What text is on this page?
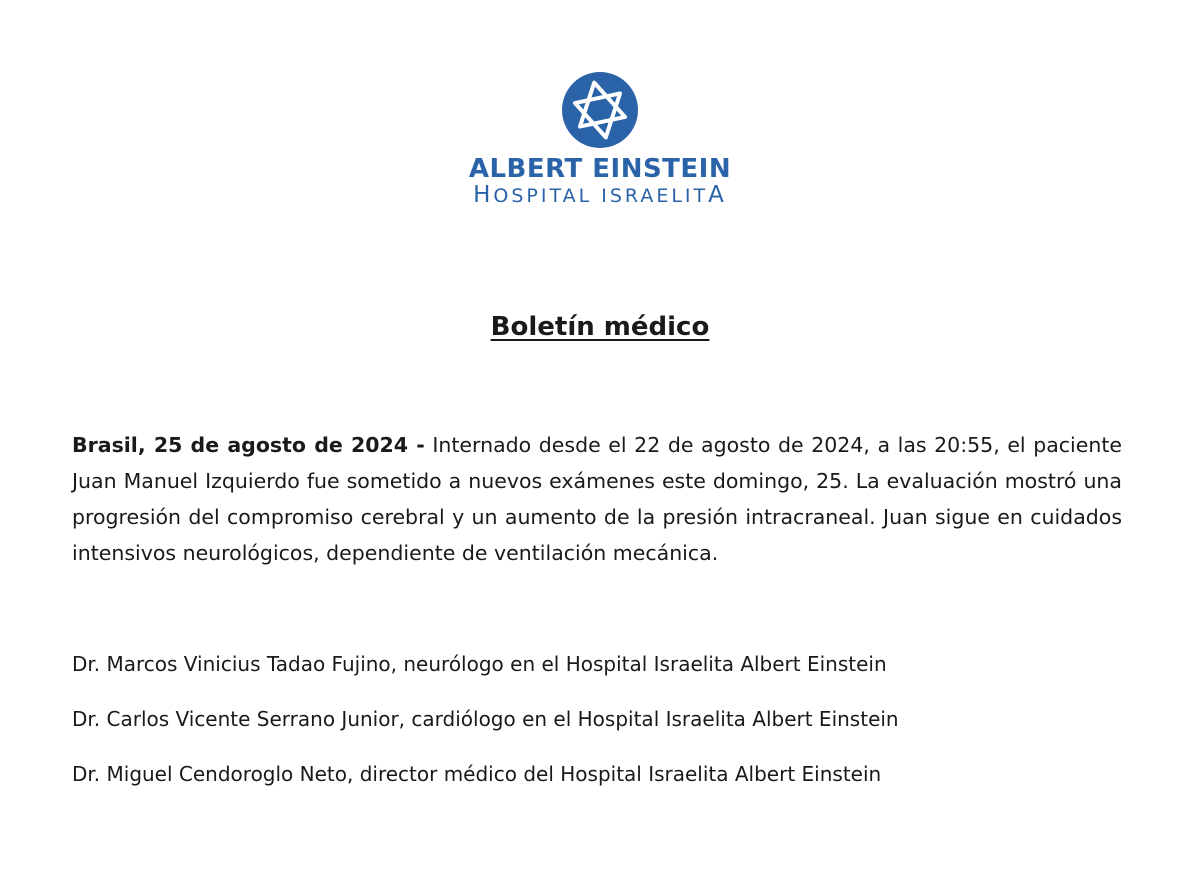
ALBERT EINSTEIN
HOSPITAL ISRAELITA
Boletín médico

Brasil, 25 de agosto de 2024 - Internado desde el 22 de agosto de 2024, a las 20:55, el paciente Juan Manuel Izquierdo fue sometido a nuevos exámenes este domingo, 25. La evaluación mostró una progresión del compromiso cerebral y un aumento de la presión intracraneal. Juan sigue en cuidados intensivos neurológicos, dependiente de ventilación mecánica.

Dr. Marcos Vinicius Tadao Fujino, neurólogo en el Hospital Israelita Albert Einstein
Dr. Carlos Vicente Serrano Junior, cardiólogo en el Hospital Israelita Albert Einstein
Dr. Miguel Cendoroglo Neto, director médico del Hospital Israelita Albert Einstein
